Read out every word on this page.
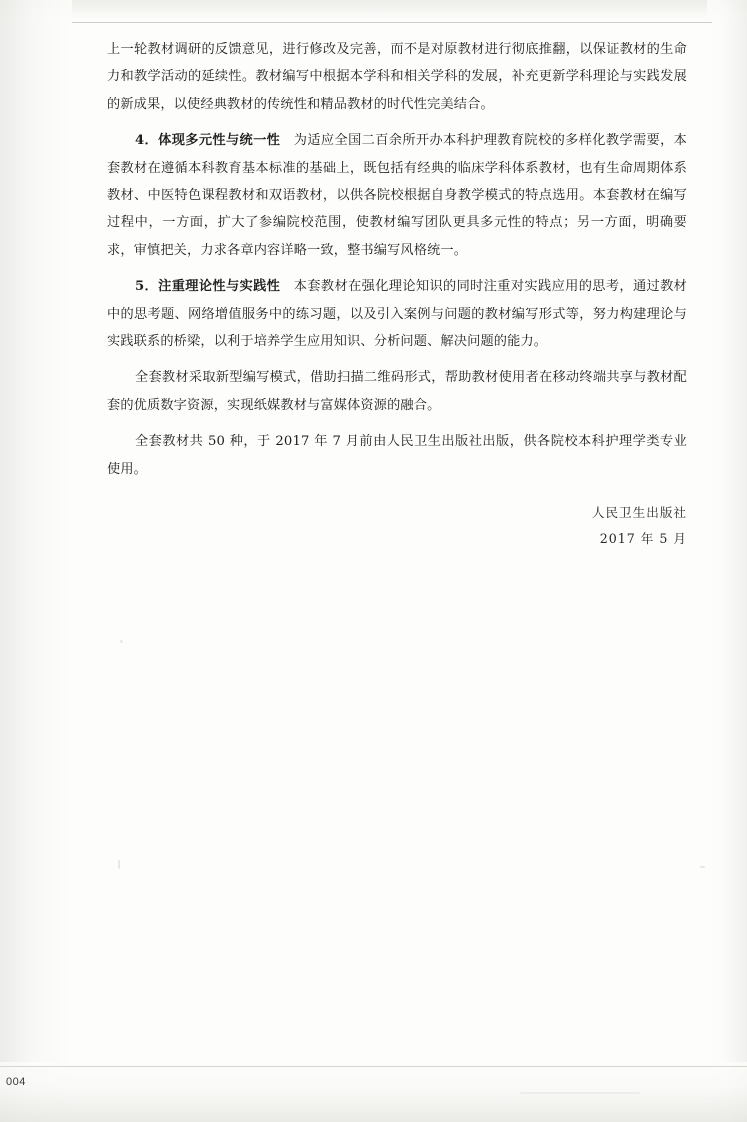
上一轮教材调研的反馈意见，进行修改及完善，而不是对原教材进行彻底推翻，以保证教材的生命力和教学活动的延续性。教材编写中根据本学科和相关学科的发展，补充更新学科理论与实践发展的新成果，以使经典教材的传统性和精品教材的时代性完美结合。

4．体现多元性与统一性　为适应全国二百余所开办本科护理教育院校的多样化教学需要，本套教材在遵循本科教育基本标准的基础上，既包括有经典的临床学科体系教材，也有生命周期体系教材、中医特色课程教材和双语教材，以供各院校根据自身教学模式的特点选用。本套教材在编写过程中，一方面，扩大了参编院校范围，使教材编写团队更具多元性的特点；另一方面，明确要求，审慎把关，力求各章内容详略一致，整书编写风格统一。

5．注重理论性与实践性　本套教材在强化理论知识的同时注重对实践应用的思考，通过教材中的思考题、网络增值服务中的练习题，以及引入案例与问题的教材编写形式等，努力构建理论与实践联系的桥梁，以利于培养学生应用知识、分析问题、解决问题的能力。

全套教材采取新型编写模式，借助扫描二维码形式，帮助教材使用者在移动终端共享与教材配套的优质数字资源，实现纸媒教材与富媒体资源的融合。

全套教材共 50 种，于 2017 年 7 月前由人民卫生出版社出版，供各院校本科护理学类专业使用。

人民卫生出版社
2017 年 5 月
004
